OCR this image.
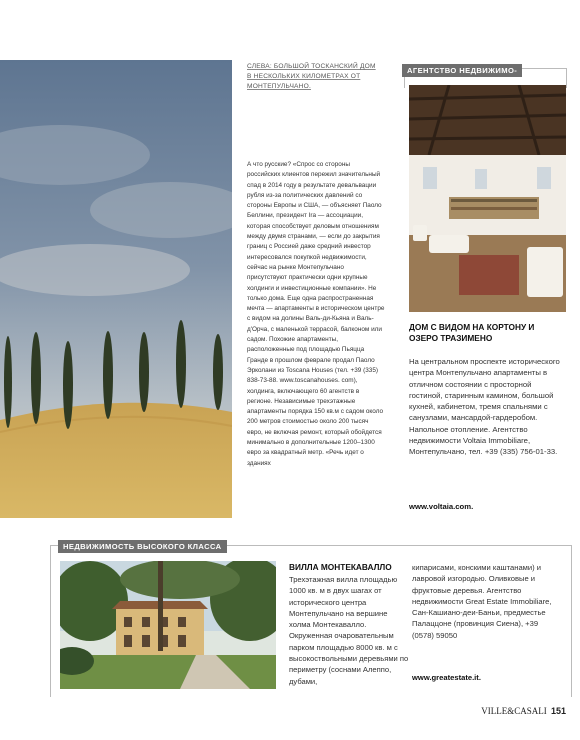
СЛЕВА: БОЛЬШОЙ ТОСКАНСКИЙ ДОМ В НЕСКОЛЬКИХ КИЛОМЕТРАХ ОТ МОНТЕПУЛЬЧАНО.

А что русские? «Спрос со стороны российских клиентов пережил значительный спад в 2014 году в результате девальвации рубля из-за политических давлений со стороны Европы и США, — объясняет Паоло Беллини, президент Ira — ассоциации, которая способствует деловым отношениям между двумя странами, — если до закрытия границ с Россией даже средний инвестор интересовался покупкой недвижимости, сейчас на рынке Монтепульчано присутствуют практически одни крупные холдинги и инвестиционные компании». Не только дома. Еще одна распространенная мечта — апартаменты в историческом центре с видом на долины Валь-ди-Кьяна и Валь-д'Орча, с маленькой террасой, балконом или садом. Похожие апартаменты, расположенные под площадью Пьяцца Гранде в прошлом феврале продал Паоло Эрколани из Toscana Houses (тел. +39 (335) 838-73-88. www.toscanahouses. com), холдинга, включающего 60 агентств в регионе. Независимые трехэтажные апартаменты порядка 150 кв.м с садом около 200 метров стоимостью около 200 тысяч евро, не включая ремонт, который обойдется минимально в дополнительные 1200–1300 евро за квадратный метр. «Речь идет о зданиях

АГЕНТСТВО НЕДВИЖИМО-
ДОМ С ВИДОМ НА КОРТОНУ И ОЗЕРО ТРАЗИМЕНО

На центральном проспекте исторического центра Монтепульчано апартаменты в отличном состоянии с просторной гостиной, старинным камином, большой кухней, кабинетом, тремя спальнями с санузлами, мансардой-гардеробом. Напольное отопление. Агентство недвижимости Voltaia Immobiliare, Монтепульчано, тел. +39 (335) 756-01-33.

www.voltaia.com.
НЕДВИЖИМОСТЬ ВЫСОКОГО КЛАССА
ВИЛЛА МОНТЕКАВАЛЛО

Трехэтажная вилла площадью 1000 кв. м в двух шагах от исторического центра Монтепульчано на вершине холма Монтекавалло. Окруженная очаровательным парком площадью 8000 кв. м с высокоствольными деревьями по периметру (соснами Алеппо, дубами,

кипарисами, конскими каштанами) и лавровой изгородью. Оливковые и фруктовые деревья. Агентство недвижимости Great Estate Immobiliare, Сан-Кашиано-деи-Баньи, предместье Палаццоне (провинция Сиена), +39 (0578) 59050

www.greatestate.it.
VILLE&CASALI 151
